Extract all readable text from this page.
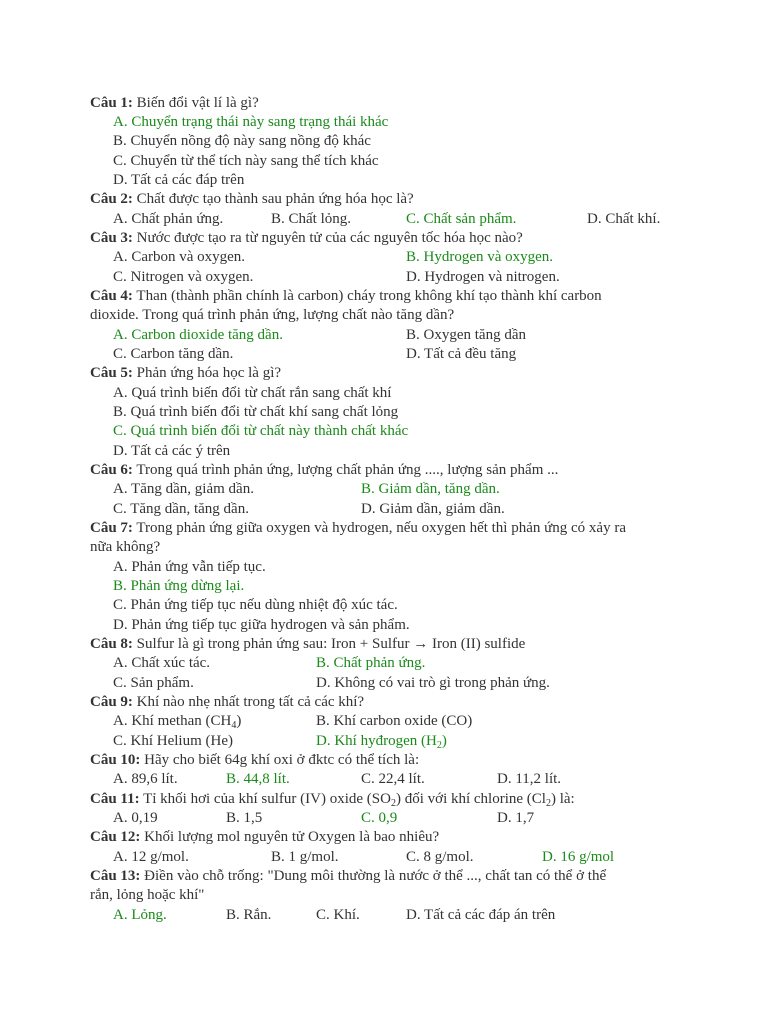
Câu 1: Biến đổi vật lí là gì?
A. Chuyển trạng thái này sang trạng thái khác
B. Chuyển nồng độ này sang nồng độ khác
C. Chuyển từ thể tích này sang thể tích khác
D. Tất cả các đáp trên
Câu 2: Chất được tạo thành sau phản ứng hóa học là?
A. Chất phản ứng.	B. Chất lỏng.	C. Chất sản phẩm.	D. Chất khí.
Câu 3: Nước được tạo ra từ nguyên tử của các nguyên tốc hóa học nào?
A. Carbon và oxygen.	B. Hydrogen và oxygen.
C. Nitrogen và oxygen.	D. Hydrogen và nitrogen.
Câu 4: Than (thành phần chính là carbon) cháy trong không khí tạo thành khí carbon
dioxide. Trong quá trình phản ứng, lượng chất nào tăng dần?
A. Carbon dioxide tăng dần.	B. Oxygen tăng dần
C. Carbon tăng dần.	D. Tất cả đều tăng
Câu 5: Phản ứng hóa học là gì?
A. Quá trình biến đổi từ chất rắn sang chất khí
B. Quá trình biến đổi từ chất khí sang chất lỏng
C. Quá trình biến đổi từ chất này thành chất khác
D. Tất cả các ý trên
Câu 6: Trong quá trình phản ứng, lượng chất phản ứng ...., lượng sản phẩm ...
A. Tăng dần, giảm dần.	B. Giảm dần, tăng dần.
C. Tăng dần, tăng dần.	D. Giảm dần, giảm dần.
Câu 7: Trong phản ứng giữa oxygen và hydrogen, nếu oxygen hết thì phản ứng có xảy ra
nữa không?
A. Phản ứng vẫn tiếp tục.
B. Phản ứng dừng lại.
C. Phản ứng tiếp tục nếu dùng nhiệt độ xúc tác.
D. Phản ứng tiếp tục giữa hydrogen và sản phẩm.
Câu 8: Sulfur là gì trong phản ứng sau: Iron + Sulfur → Iron (II) sulfide
A. Chất xúc tác.	B. Chất phản ứng.
C. Sản phẩm.	D. Không có vai trò gì trong phản ứng.
Câu 9: Khí nào nhẹ nhất trong tất cả các khí?
A. Khí methan $(CH_4)$	B. Khí carbon oxide (CO)
C. Khí Helium (He)	D. Khí hyđrogen $(H_2)$
Câu 10: Hãy cho biết 64g khí oxi ở đktc có thể tích là:
A. 89,6 lít.	B. 44,8 lít.	C. 22,4 lít.	D. 11,2 lít.
Câu 11: Tỉ khối hơi của khí sulfur (IV) oxide $(SO_2)$ đối với khí chlorine $(Cl_2)$ là:
A. 0,19	B. 1,5	C. 0,9	D. 1,7
Câu 12: Khối lượng mol nguyên tử Oxygen là bao nhiêu?
A. 12 g/mol.	B. 1 g/mol.	C. 8 g/mol.	D. 16 g/mol
Câu 13: Điền vào chỗ trống: "Dung môi thường là nước ở thể ..., chất tan có thể ở thể
rắn, lỏng hoặc khí"
A. Lỏng.	B. Rắn.	C. Khí.	D. Tất cả các đáp án trên
